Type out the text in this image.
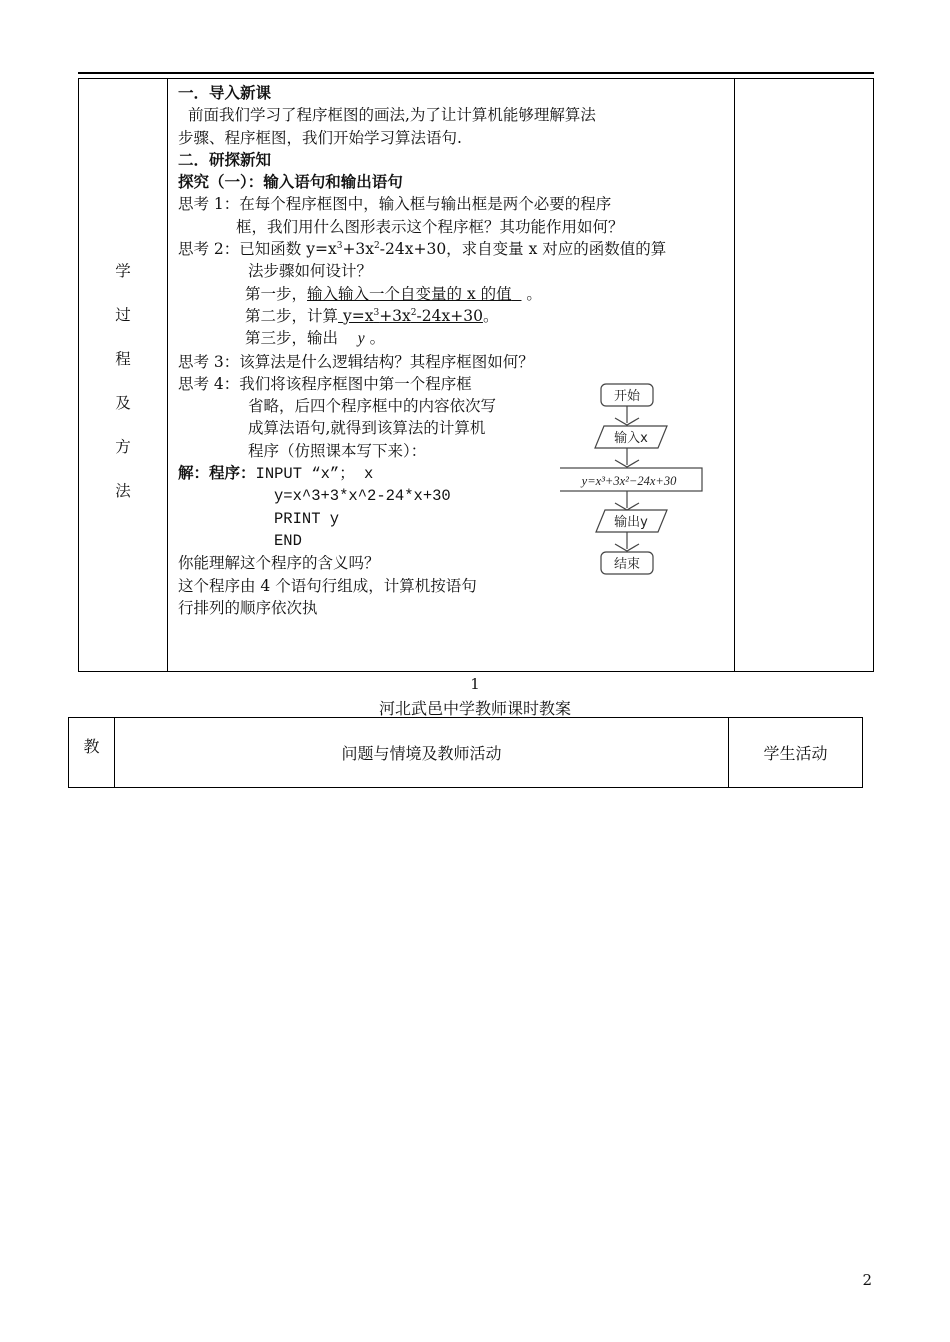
学
过
程
及
方
法

一．导入新课
前面我们学习了程序框图的画法,为了让计算机能够理解算法
步骤、程序框图，我们开始学习算法语句.
二．研探新知
探究（一）：输入语句和输出语句
思考 1：在每个程序框图中，输入框与输出框是两个必要的程序
框，我们用什么图形表示这个程序框？其功能作用如何？
思考 2：已知函数 $y=x^3+3x^2-24x+30$，求自变量 x 对应的函数值的算
法步骤如何设计？
第一步，输入输入一个自变量的 x 的值 。
第二步，计算 $y=x^3+3x^2-24x+30$。
第三步，输出 y 。
思考 3：该算法是什么逻辑结构？其程序框图如何？
思考 4：我们将该程序框图中第一个程序框
省略，后四个程序框中的内容依次写
成算法语句,就得到该算法的计算机
程序（仿照课本写下来）：
解：程序：INPUT “x”； x
y=x^3+3*x^2-24*x+30
PRINT y
END
你能理解这个程序的含义吗？
这个程序由 4 个语句行组成，计算机按语句
行排列的顺序依次执
开始
输入x
y=x³+3x²−24x+30
输出y
结束

1
河北武邑中学教师课时教案
教	问题与情境及教师活动	学生活动
2
